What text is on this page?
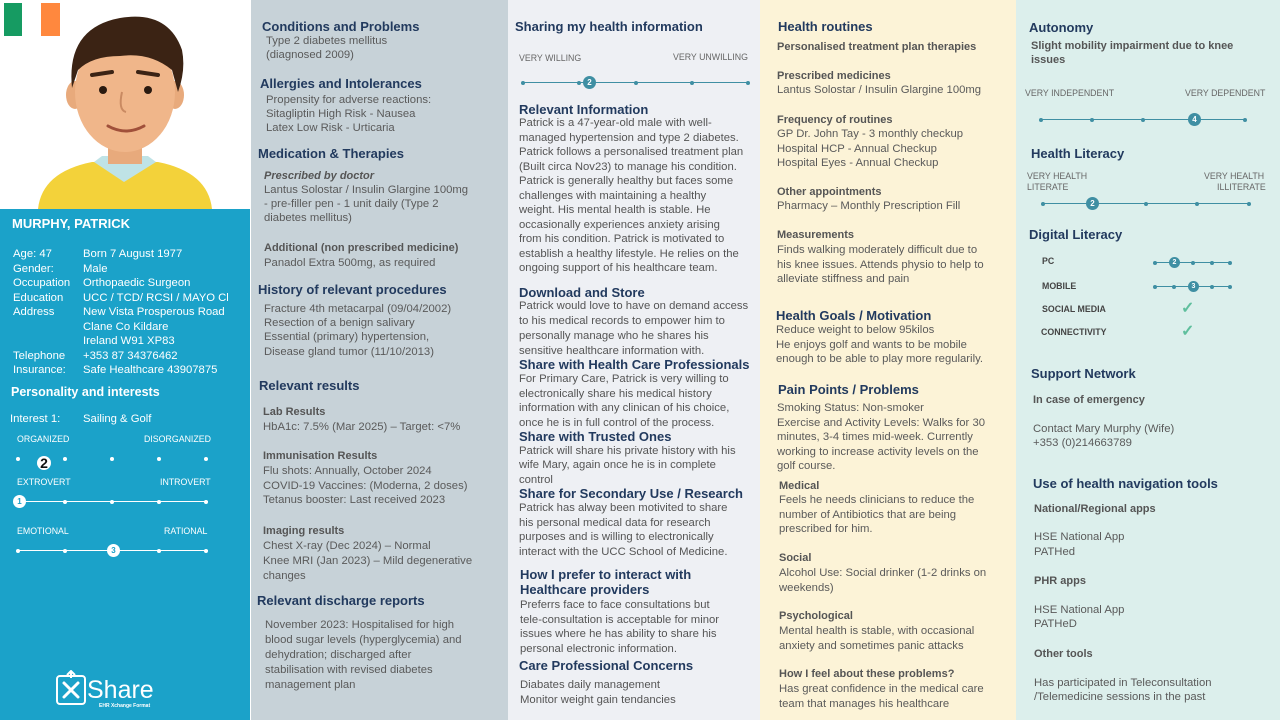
MURPHY, PATRICK
Age: 47	Born 7 August 1977
Gender:	Male
Occupation Orthopaedic Surgeon
Education UCC / TCD/ RCSI / MAYO Cl
Address	New Vista Prosperous Road
Clane Co Kildare
Ireland W91 XP83
Telephone +353 87 34376462
Insurance: Safe Healthcare 43907875
Personality and interests
Interest 1: Sailing & Golf
ORGANIZED	DISORGANIZED
2
EXTROVERT	INTROVERT
1
EMOTIONAL	RATIONAL
3
Share
EHR Xchange Format
Conditions and Problems
Type 2 diabetes mellitus
(diagnosed 2009)
Allergies and Intolerances
Propensity for adverse reactions:
Sitagliptin High Risk - Nausea
Latex Low Risk - Urticaria
Medication & Therapies
Prescribed by doctor
Lantus Solostar / Insulin Glargine 100mg
- pre-filler pen - 1 unit daily (Type 2
diabetes mellitus)
Additional (non prescribed medicine)
Panadol Extra 500mg, as required
History of relevant procedures
Fracture 4th metacarpal (09/04/2002)
Resection of a benign salivary
Essential (primary) hypertension,
Disease gland tumor (11/10/2013)
Relevant results
Lab Results
HbA1c: 7.5% (Mar 2025) – Target: <7%
Immunisation Results
Flu shots: Annually, October 2024
COVID-19 Vaccines: (Moderna, 2 doses)
Tetanus booster: Last received 2023
Imaging results
Chest X-ray (Dec 2024) – Normal
Knee MRI (Jan 2023) – Mild degenerative
changes
Relevant discharge reports
November 2023: Hospitalised for high
blood sugar levels (hyperglycemia) and
dehydration; discharged after
stabilisation with revised diabetes
management plan
Sharing my health information
VERY WILLING	VERY UNWILLING
2
Relevant Information
Patrick is a 47-year-old male with well-
managed hypertension and type 2 diabetes.
Patrick follows a personalised treatment plan
(Built circa Nov23) to manage his condition.
Patrick is generally healthy but faces some
challenges with maintaining a healthy
weight. His mental health is stable. He
occasionally experiences anxiety arising
from his condition. Patrick is motivated to
establish a healthy lifestyle. He relies on the
ongoing support of his healthcare team.
Download and Store
Patrick would love to have on demand access
to his medical records to empower him to
personally manage who he shares his
sensitive healthcare information with.
Share with Health Care Professionals
For Primary Care, Patrick is very willing to
electronically share his medical history
information with any clinican of his choice,
once he is in full control of the process.
Share with Trusted Ones
Patrick will share his private history with his
wife Mary, again once he is in complete
control
Share for Secondary Use / Research
Patrick has alway been motivited to share
his personal medical data for research
purposes and is willing to electronically
interact with the UCC School of Medicine.
How I prefer to interact with
Healthcare providers
Preferrs face to face consultations but
tele-consultation is acceptable for minor
issues where he has ability to share his
personal electronic information.
Care Professional Concerns
Diabates daily management
Monitor weight gain tendancies
Health routines
Personalised treatment plan therapies
Prescribed medicines
Lantus Solostar / Insulin Glargine 100mg
Frequency of routines
GP Dr. John Tay - 3 monthly checkup
Hospital HCP - Annual Checkup
Hospital Eyes - Annual Checkup
Other appointments
Pharmacy – Monthly Prescription Fill
Measurements
Finds walking moderately difficult due to
his knee issues. Attends physio to help to
alleviate stiffness and pain
Health Goals / Motivation
Reduce weight to below 95kilos
He enjoys golf and wants to be mobile
enough to be able to play more regularily.
Pain Points / Problems
Smoking Status: Non-smoker
Exercise and Activity Levels: Walks for 30
minutes, 3-4 times mid-week. Currently
working to increase activity levels on the
golf course.
Medical
Feels he needs clinicians to reduce the
number of Antibiotics that are being
prescribed for him.
Social
Alcohol Use: Social drinker (1-2 drinks on
weekends)
Psychological
Mental health is stable, with occasional
anxiety and sometimes panic attacks
How I feel about these problems?
Has great confidence in the medical care
team that manages his healthcare
Autonomy
Slight mobility impairment due to knee
issues
VERY INDEPENDENT	VERY DEPENDENT
4
Health Literacy
VERY HEALTH
LITERATE
VERY HEALTH
ILLITERATE
2
Digital Literacy
PC	2
MOBILE	3
SOCIAL MEDIA	✓
CONNECTIVITY	✓
Support Network
In case of emergency
Contact Mary Murphy (Wife)
+353 (0)214663789
Use of health navigation tools
National/Regional apps
HSE National App
PATHed
PHR apps
HSE National App
PATHeD
Other tools
Has participated in Teleconsultation
/Telemedicine sessions in the past
